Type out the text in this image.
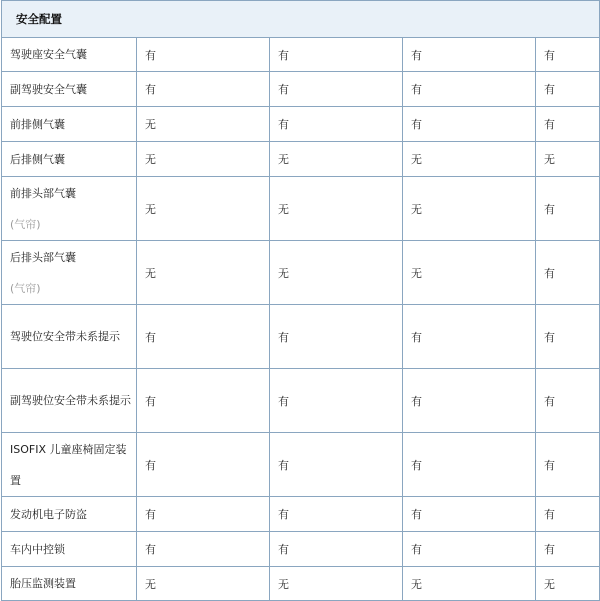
安全配置				

驾驶座安全气囊	有	有	有	有

副驾驶安全气囊	有	有	有	有

前排侧气囊	无	有	有	有

后排侧气囊	无	无	无	无

前排头部气囊
(气帘)	无	无	无	有

后排头部气囊
(气帘)	无	无	无	有

驾驶位安全带未系提示	有	有	有	有

副驾驶位安全带未系提示	有	有	有	有

ISOFIX 儿童座椅固定装置	有	有	有	有

发动机电子防盗	有	有	有	有

车内中控锁	有	有	有	有

胎压监测装置	无	无	无	无
